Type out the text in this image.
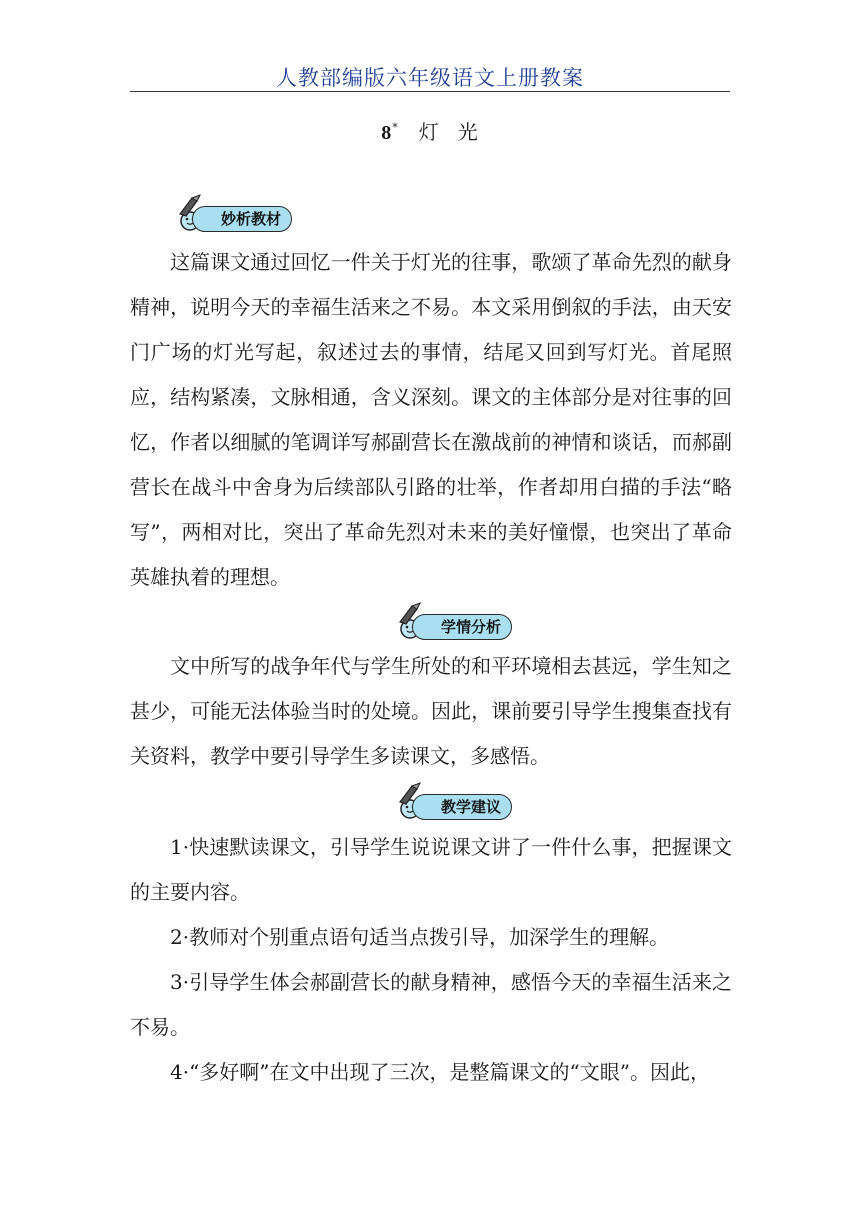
人教部编版六年级语文上册教案
8* 灯 光
妙析教材

这篇课文通过回忆一件关于灯光的往事，歌颂了革命先烈的献身精神，说明今天的幸福生活来之不易。本文采用倒叙的手法，由天安门广场的灯光写起，叙述过去的事情，结尾又回到写灯光。首尾照应，结构紧凑，文脉相通，含义深刻。课文的主体部分是对往事的回忆，作者以细腻的笔调详写郝副营长在激战前的神情和谈话，而郝副营长在战斗中舍身为后续部队引路的壮举，作者却用白描的手法“略写”，两相对比，突出了革命先烈对未来的美好憧憬，也突出了革命英雄执着的理想。

学情分析

文中所写的战争年代与学生所处的和平环境相去甚远，学生知之甚少，可能无法体验当时的处境。因此，课前要引导学生搜集查找有关资料，教学中要引导学生多读课文，多感悟。

教学建议

1·快速默读课文，引导学生说说课文讲了一件什么事，把握课文的主要内容。

2·教师对个别重点语句适当点拨引导，加深学生的理解。

3·引导学生体会郝副营长的献身精神，感悟今天的幸福生活来之不易。

4·“多好啊”在文中出现了三次，是整篇课文的“文眼”。因此，
